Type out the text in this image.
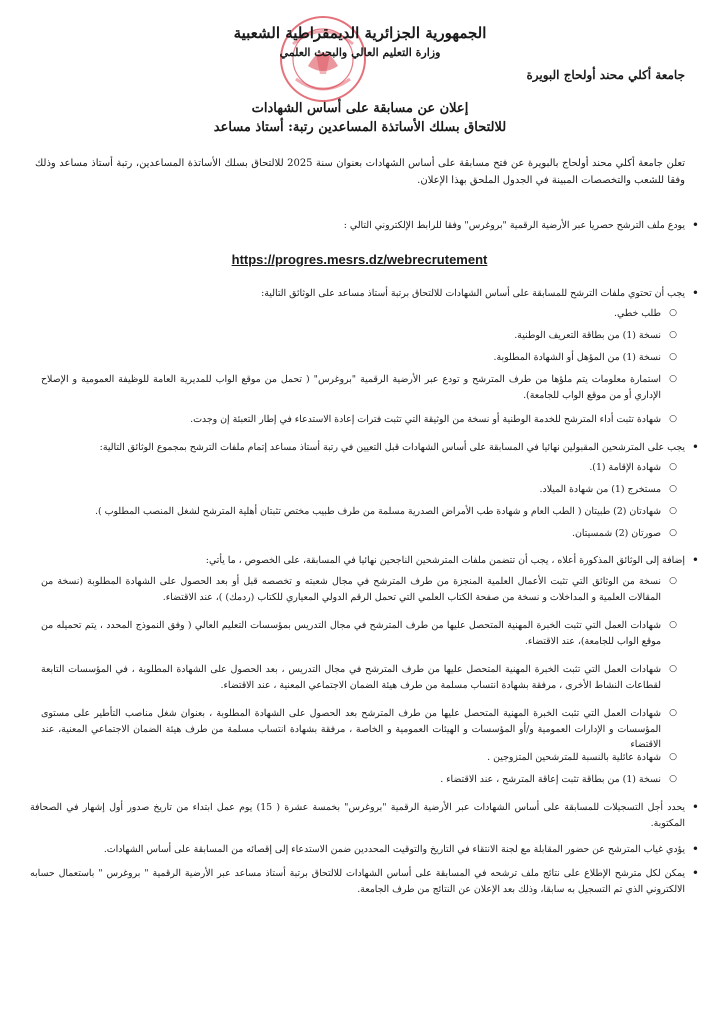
الجمهورية الجزائرية الديمقراطية الشعبية
وزارة التعليم العالي والبحث العلمي
جامعة أكلي محند أولحاج البويرة
إعلان عن مسابقة على أساس الشهادات
للالتحاق بسلك الأساتذة المساعدين رتبة: أستاذ مساعد
تعلن جامعة أكلي محند أولحاج بالبويرة عن فتح مسابقة على أساس الشهادات بعنوان سنة 2025 للالتحاق بسلك الأساتذة المساعدين، رتبة أستاذ مساعد وذلك وفقا للشعب والتخصصات المبينة في الجدول الملحق بهذا الإعلان.
• يودع ملف الترشح حصريا عبر الأرضية الرقمية "بروغرس" وفقا للرابط الإلكتروني التالي :
https://progres.mesrs.dz/webrecrutement
• يجب أن تحتوي ملفات الترشح للمسابقة على أساس الشهادات للالتحاق برتبة أستاذ مساعد على الوثائق التالية:
○ طلب خطي.
○ نسخة (1) من بطاقة التعريف الوطنية.
○ نسخة (1) من المؤهل أو الشهادة المطلوبة.
○ استمارة معلومات يتم ملؤها من طرف المترشح و تودع عبر الأرضية الرقمية "بروغرس" ( تحمل من موقع الواب للمديرية العامة للوظيفة العمومية و الإصلاح الإداري أو من موقع الواب للجامعة).
○ شهادة تثبت أداء المترشح للخدمة الوطنية أو نسخة من الوثيقة التي تثبت فترات إعادة الاستدعاء في إطار التعبئة إن وجدت.
• يجب على المترشحين المقبولين نهائيا في المسابقة على أساس الشهادات قبل التعيين في رتبة أستاذ مساعد إتمام ملفات الترشح بمجموع الوثائق التالية:
○ شهادة الإقامة (1).
○ مستخرج (1) من شهادة الميلاد.
○ شهادتان (2) طبيتان ( الطب العام و شهادة طب الأمراض الصدرية مسلمة من طرف طبيب مختص تثبتان أهلية المترشح لشغل المنصب المطلوب ).
○ صورتان (2) شمسيتان.
• إضافة إلى الوثائق المذكورة أعلاه ، يجب أن تتضمن ملفات المترشحين الناجحين نهائيا في المسابقة، على الخصوص ، ما يأتي:
○ نسخة من الوثائق التي تثبت الأعمال العلمية المنجزة من طرف المترشح في مجال شعبته و تخصصه قبل أو بعد الحصول على الشهادة المطلوبة (نسخة من المقالات العلمية و المداخلات و نسخة من صفحة الكتاب العلمي التي تحمل الرقم الدولي المعياري للكتاب (ردمك) )، عند الاقتضاء.
○ شهادات العمل التي تثبت الخبرة المهنية المتحصل عليها من طرف المترشح في مجال التدريس بمؤسسات التعليم العالي ( وفق النموذج المحدد ، يتم تحميله من موقع الواب للجامعة)، عند الاقتضاء.
○ شهادات العمل التي تثبت الخبرة المهنية المتحصل عليها من طرف المترشح في مجال التدريس ، بعد الحصول على الشهادة المطلوبة ، في المؤسسات التابعة لقطاعات النشاط الأخرى ، مرفقة بشهادة انتساب مسلمة من طرف هيئة الضمان الاجتماعي المعنية ، عند الاقتضاء.
○ شهادات العمل التي تثبت الخبرة المهنية المتحصل عليها من طرف المترشح بعد الحصول على الشهادة المطلوبة ، بعنوان شغل مناصب التأطير على مستوى المؤسسات و الإدارات العمومية و/أو المؤسسات و الهيئات العمومية و الخاصة ، مرفقة بشهادة انتساب مسلمة من طرف هيئة الضمان الاجتماعي المعنية، عند الاقتضاء
○ شهادة عائلية بالنسبة للمترشحين المتزوجين .
○ نسخة (1) من بطاقة تثبت إعاقة المترشح ، عند الاقتضاء .
• يحدد أجل التسجيلات للمسابقة على أساس الشهادات عبر الأرضية الرقمية "بروغرس" بخمسة عشرة ( 15) يوم عمل ابتداء من تاريخ صدور أول إشهار في الصحافة المكتوبة.
• يؤدي غياب المترشح عن حضور المقابلة مع لجنة الانتقاء في التاريخ والتوقيت المحددين ضمن الاستدعاء إلى إقصائه من المسابقة على أساس الشهادات.
• يمكن لكل مترشح الإطلاع على نتائج ملف ترشحه في المسابقة على أساس الشهادات للالتحاق برتبة أستاذ مساعد عبر الأرضية الرقمية " بروغرس " باستعمال حسابه الالكتروني الذي تم التسجيل به سابقا، وذلك بعد الإعلان عن النتائج من طرف الجامعة.
